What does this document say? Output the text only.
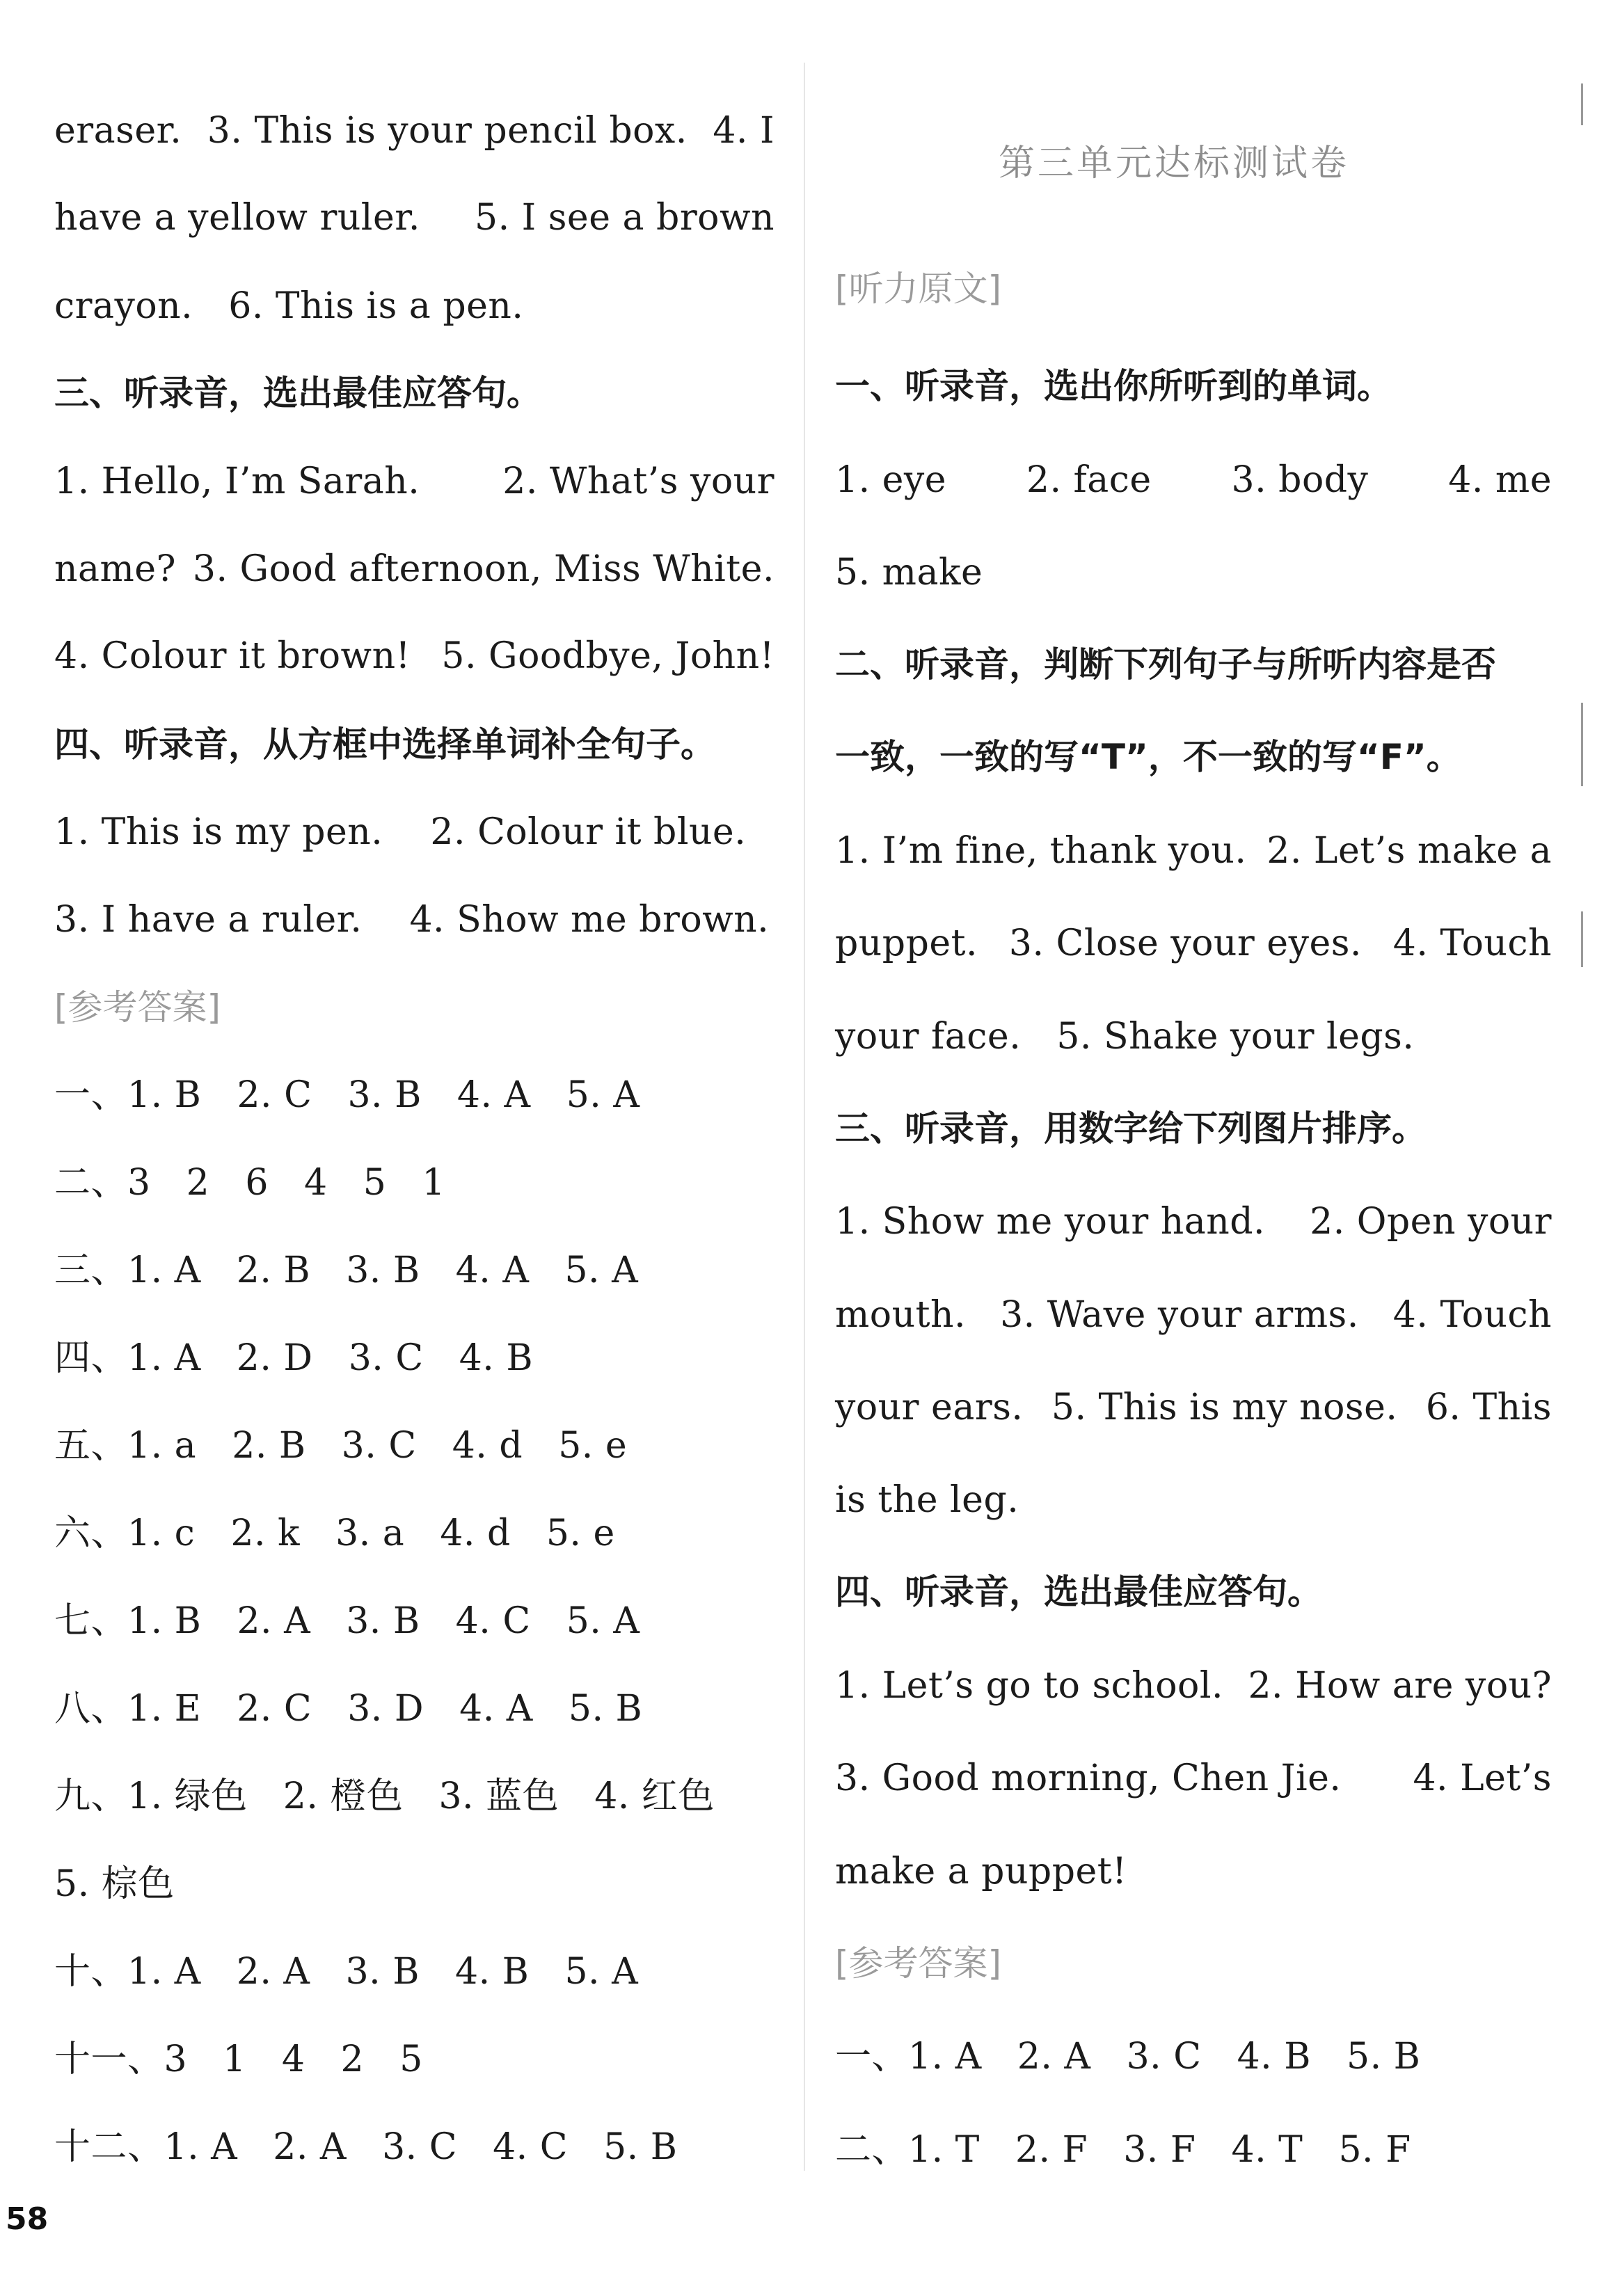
eraser. 3. This is your pencil box. 4. I
have a yellow ruler. 5. I see a brown
crayon.   6. This is a pen.
三、听录音，选出最佳应答句。
1. Hello, I’m Sarah. 2. What’s your
name? 3. Good afternoon, Miss White.
4. Colour it brown! 5. Goodbye, John!
四、听录音，从方框中选择单词补全句子。
1. This is my pen.    2. Colour it blue.
3. I have a ruler.    4. Show me brown.
[参考答案]
一、1. B   2. C   3. B   4. A   5. A
二、3   2   6   4   5   1
三、1. A   2. B   3. B   4. A   5. A
四、1. A   2. D   3. C   4. B
五、1. a   2. B   3. C   4. d   5. e
六、1. c   2. k   3. a   4. d   5. e
七、1. B   2. A   3. B   4. C   5. A
八、1. E   2. C   3. D   4. A   5. B
九、1. 绿色   2. 橙色   3. 蓝色   4. 红色
5. 棕色
十、1. A   2. A   3. B   4. B   5. A
十一、3   1   4   2   5
十二、1. A   2. A   3. C   4. C   5. B
第三单元达标测试卷
[听力原文]
一、听录音，选出你所听到的单词。
1. eye 2. face 3. body 4. me
5. make
二、听录音，判断下列句子与所听内容是否
一致，一致的写“T”，不一致的写“F”。
1. I’m fine, thank you. 2. Let’s make a
puppet. 3. Close your eyes. 4. Touch
your face.   5. Shake your legs.
三、听录音，用数字给下列图片排序。
1. Show me your hand. 2. Open your
mouth. 3. Wave your arms. 4. Touch
your ears. 5. This is my nose. 6. This
is the leg.
四、听录音，选出最佳应答句。
1. Let’s go to school. 2. How are you?
3. Good morning, Chen Jie. 4. Let’s
make a puppet!
[参考答案]
一、1. A   2. A   3. C   4. B   5. B
二、1. T   2. F   3. F   4. T   5. F
58
